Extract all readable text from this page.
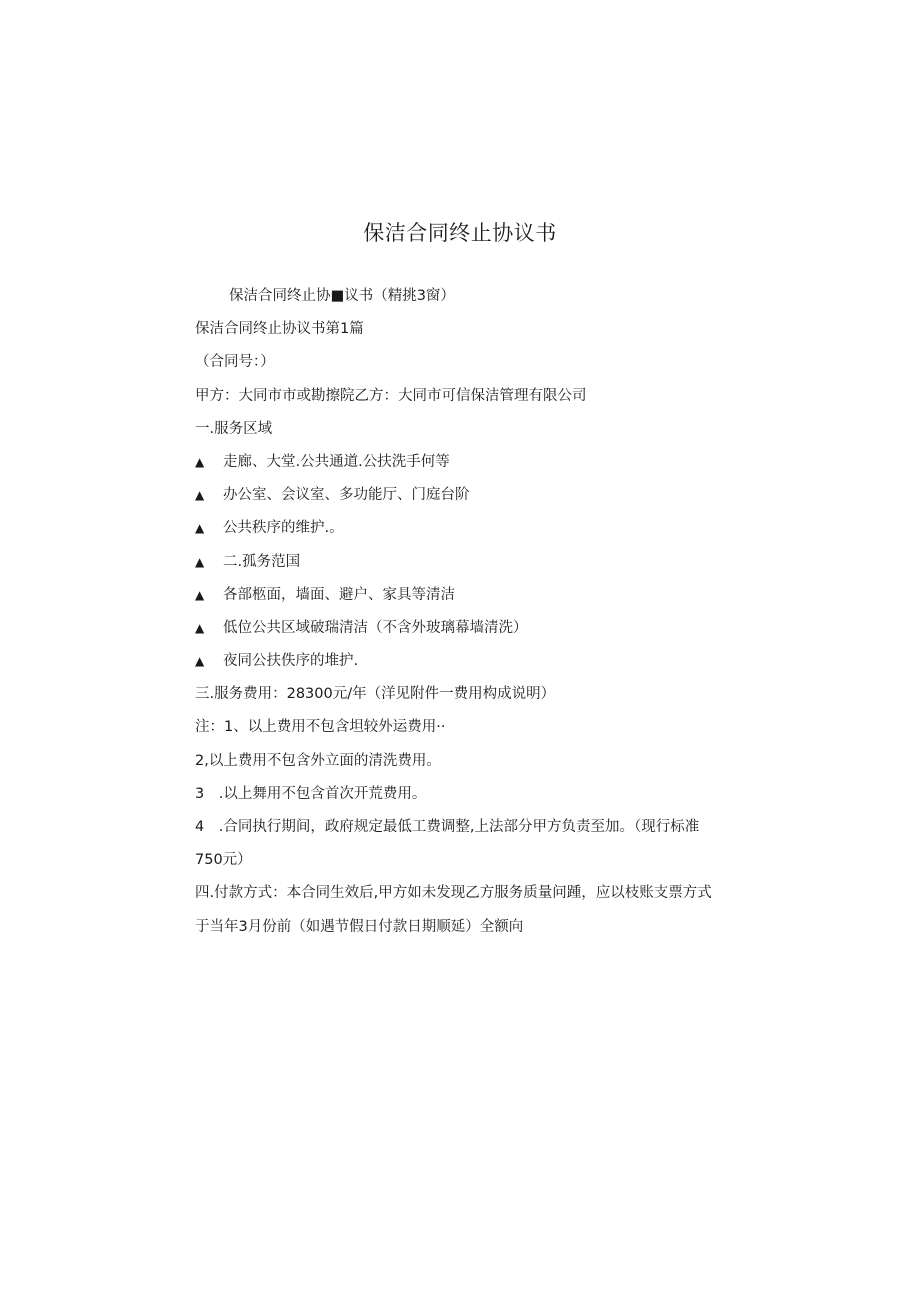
保洁合同终止协议书
保洁合同终止协■议书（精挑3窗）
保洁合同终止协议书第1篇
（合同号：）
甲方：大同市市或勘擦院乙方：大同市可信保洁管理有限公司
一.服务区域
▲ 走廊、大堂.公共通道.公扶洗手何等
▲ 办公室、会议室、多功能厅、门庭台阶
▲ 公共秩序的维护.。
▲ 二.孤务范国
▲ 各部柩面，墙面、避户、家具等清洁
▲ 低位公共区域破瑞清洁（不含外玻璃幕墙清洗）
▲ 夜同公扶佚序的堆护.
三.服务费用：28300元/年（洋见附件一费用构成说明）
注：1、以上费用不包含坦较外运费用··
2,以上费用不包含外立面的清洗费用。
3　.以上舞用不包含首次开荒费用。
4　.合同执行期间，政府规定最低工费调整,上法部分甲方负责至加。（现行标准
750元）
四.付款方式：本合同生效后,甲方如未发现乙方服务质量问踵，应以枝账支票方式
于当年3月份前（如遇节假日付款日期顺延）全额向
